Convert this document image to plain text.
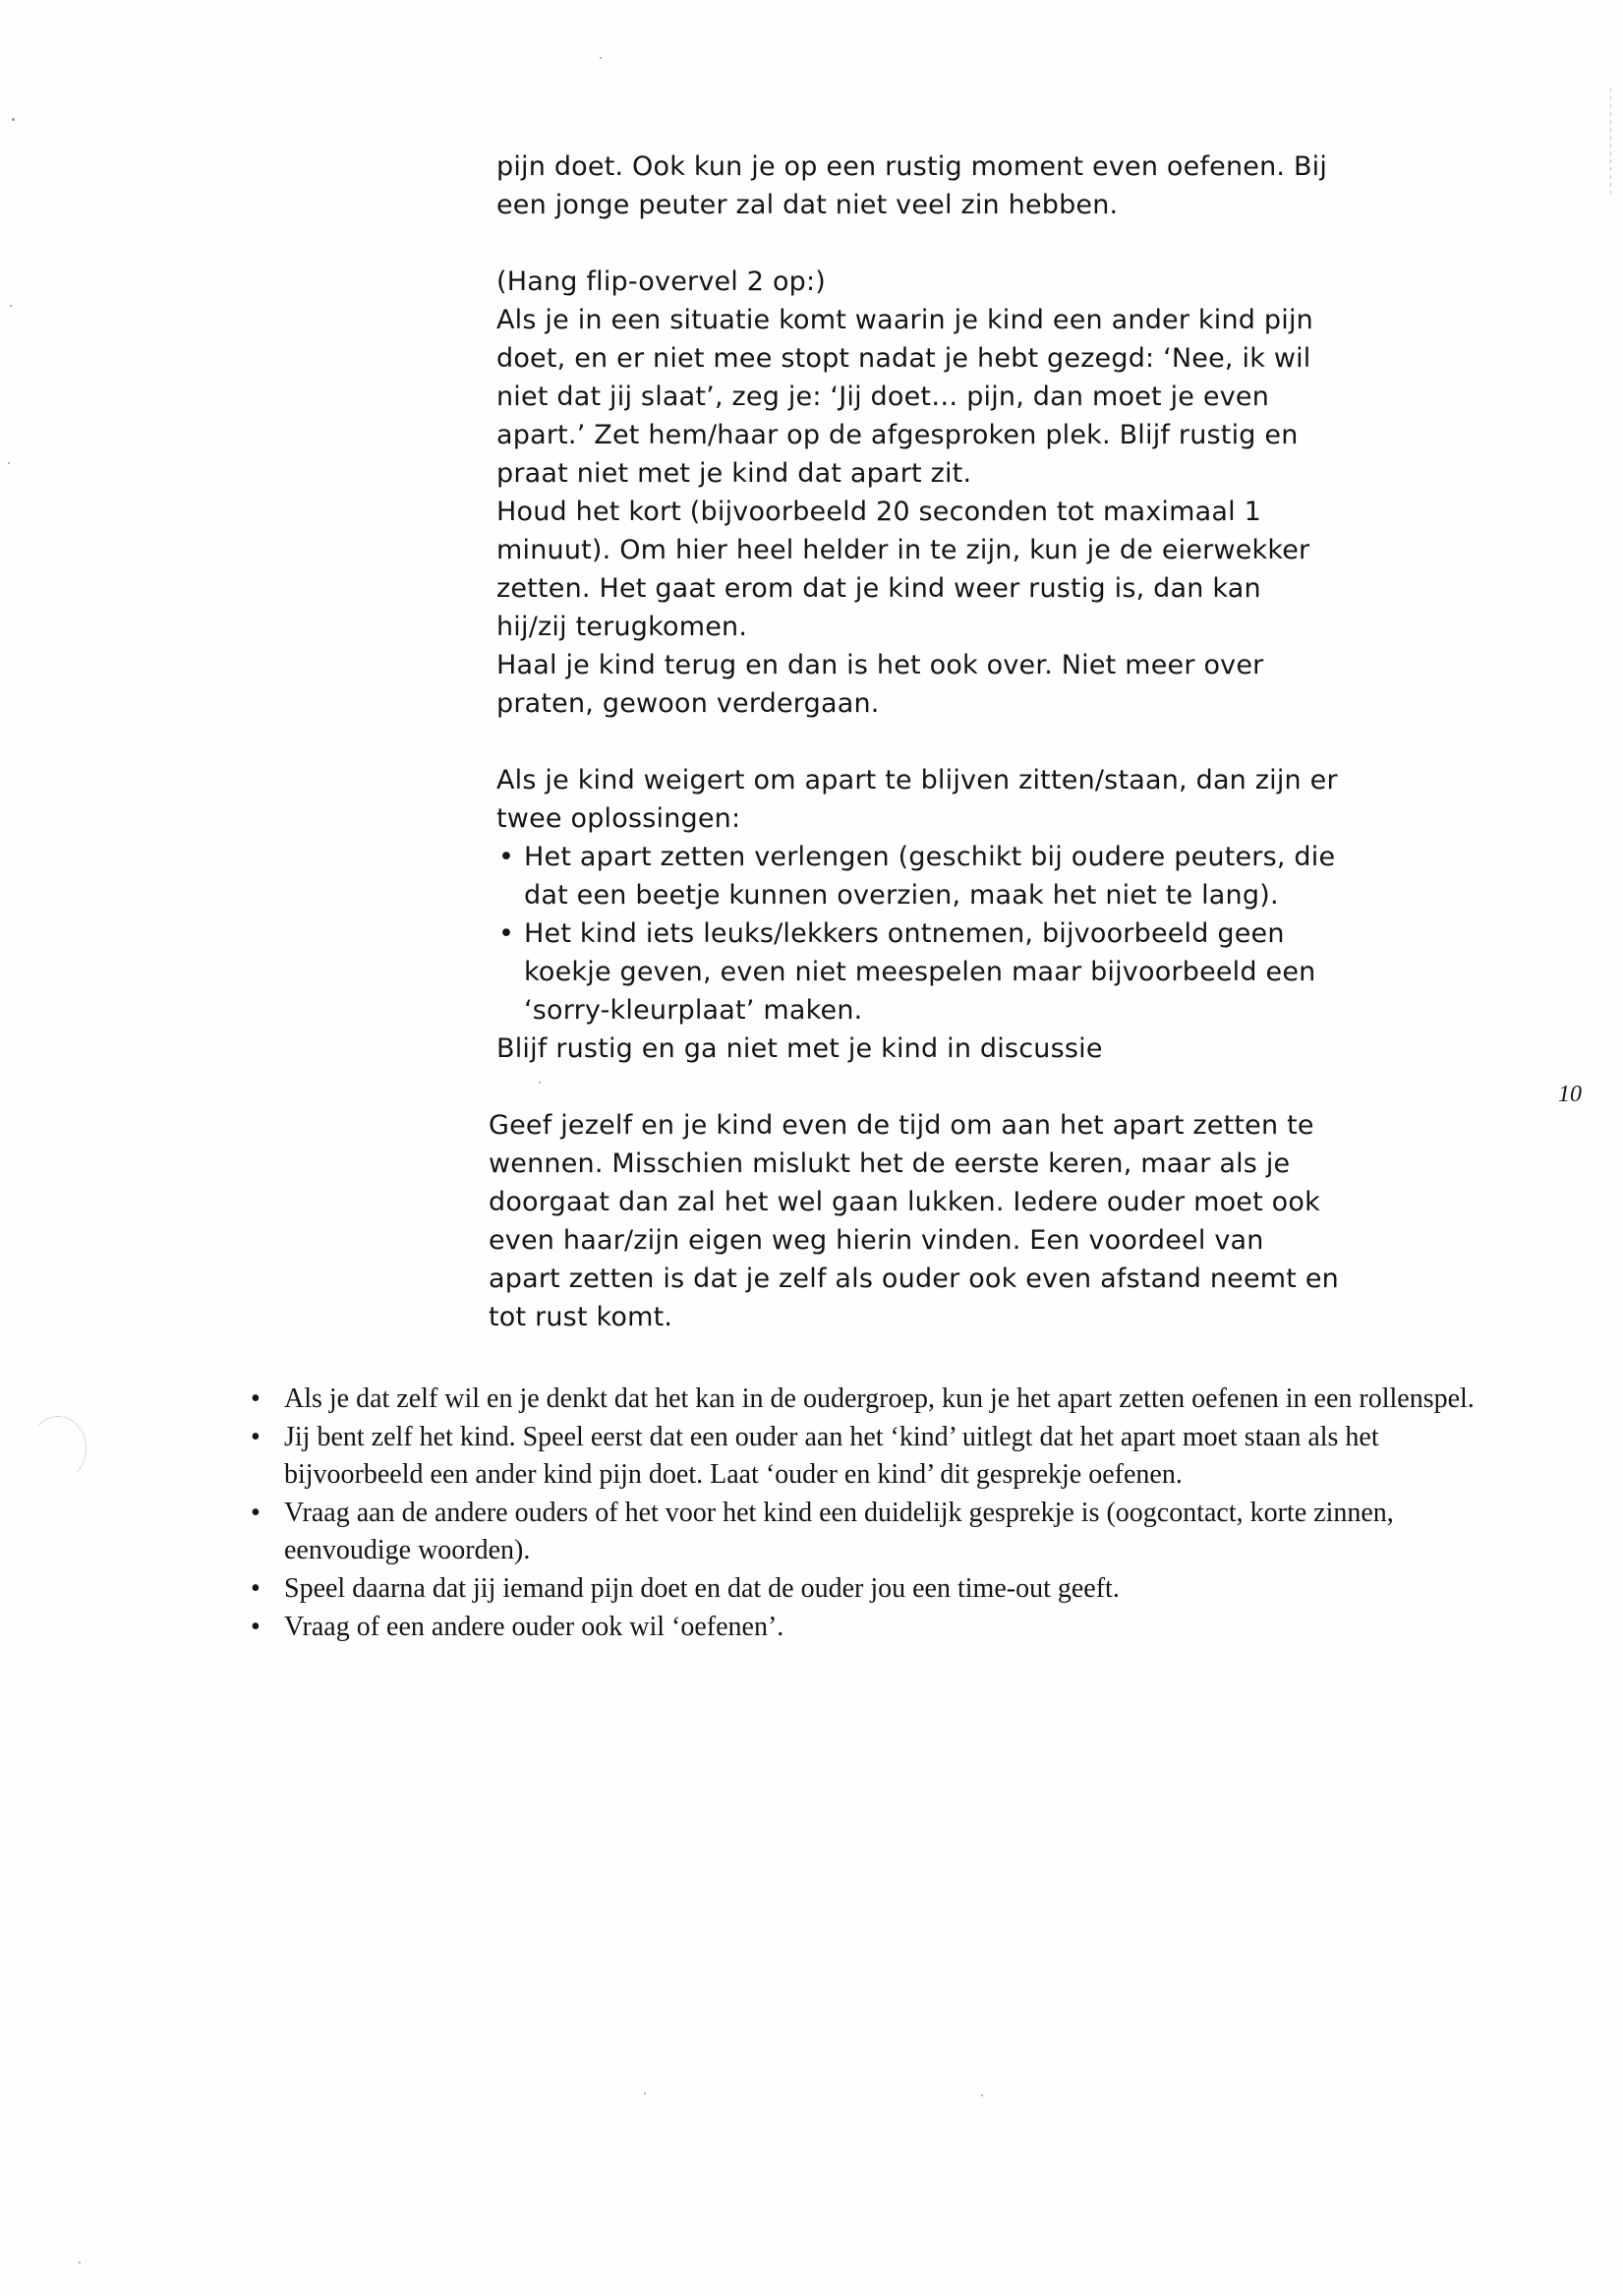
pijn doet. Ook kun je op een rustig moment even oefenen. Bij

een jonge peuter zal dat niet veel zin hebben.

(Hang flip-overvel 2 op:)

Als je in een situatie komt waarin je kind een ander kind pijn

doet, en er niet mee stopt nadat je hebt gezegd: ‘Nee, ik wil

niet dat jij slaat’, zeg je: ‘Jij doet… pijn, dan moet je even

apart.’ Zet hem/haar op de afgesproken plek. Blijf rustig en

praat niet met je kind dat apart zit.

Houd het kort (bijvoorbeeld 20 seconden tot maximaal 1

minuut). Om hier heel helder in te zijn, kun je de eierwekker

zetten. Het gaat erom dat je kind weer rustig is, dan kan

hij/zij terugkomen.

Haal je kind terug en dan is het ook over. Niet meer over

praten, gewoon verdergaan.

Als je kind weigert om apart te blijven zitten/staan, dan zijn er

twee oplossingen:

• Het apart zetten verlengen (geschikt bij oudere peuters, die
dat een beetje kunnen overzien, maak het niet te lang).
• Het kind iets leuks/lekkers ontnemen, bijvoorbeeld geen
koekje geven, even niet meespelen maar bijvoorbeeld een
‘sorry-kleurplaat’ maken.

Blijf rustig en ga niet met je kind in discussie

10

Geef jezelf en je kind even de tijd om aan het apart zetten te

wennen. Misschien mislukt het de eerste keren, maar als je

doorgaat dan zal het wel gaan lukken. Iedere ouder moet ook

even haar/zijn eigen weg hierin vinden. Een voordeel van

apart zetten is dat je zelf als ouder ook even afstand neemt en

tot rust komt.

• Als je dat zelf wil en je denkt dat het kan in de oudergroep, kun je het apart zetten oefenen in een rollenspel.
• Jij bent zelf het kind. Speel eerst dat een ouder aan het ‘kind’ uitlegt dat het apart moet staan als het bijvoorbeeld een ander kind pijn doet. Laat ‘ouder en kind’ dit gesprekje oefenen.
• Vraag aan de andere ouders of het voor het kind een duidelijk gesprekje is (oogcontact, korte zinnen, eenvoudige woorden).
• Speel daarna dat jij iemand pijn doet en dat de ouder jou een time-out geeft.
• Vraag of een andere ouder ook wil ‘oefenen’.
